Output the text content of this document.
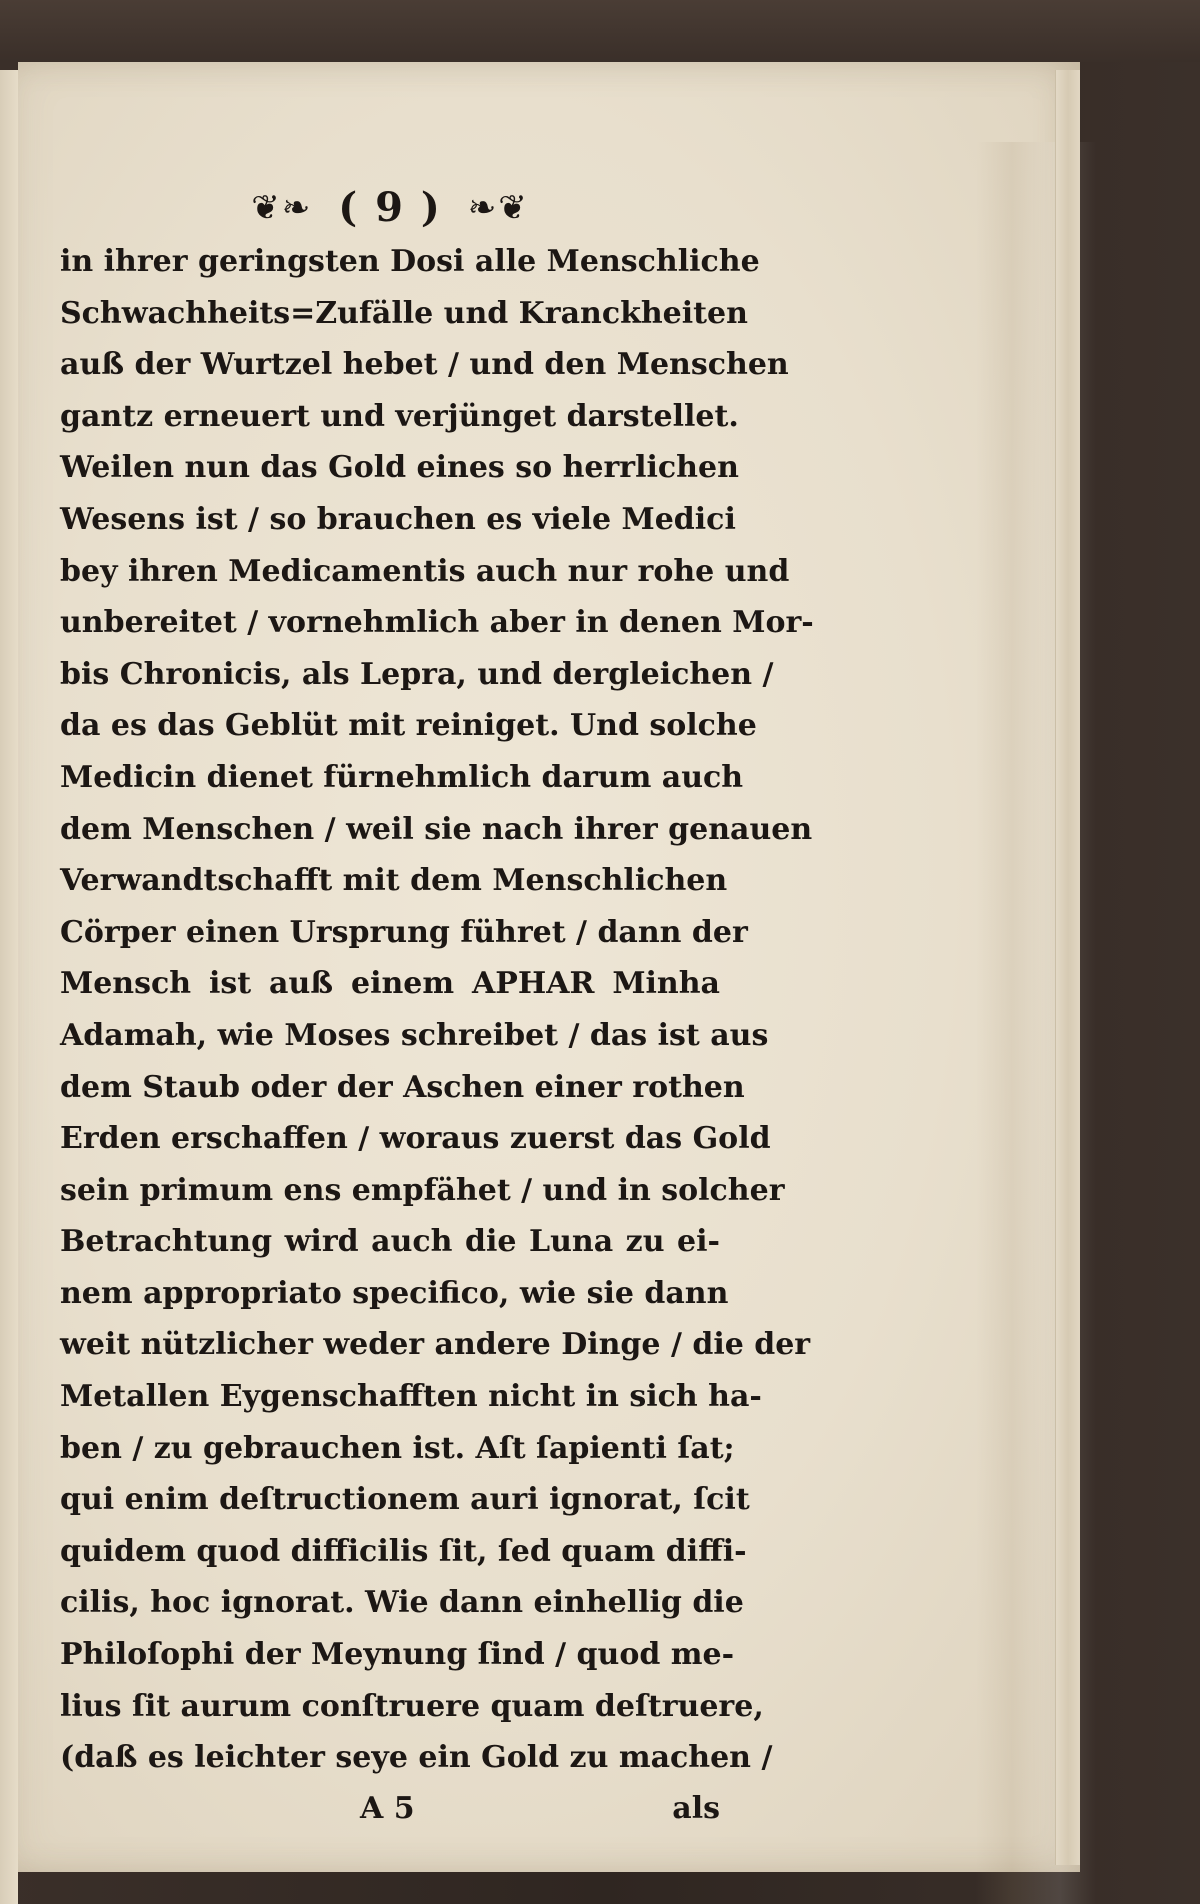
❦❧ ( 9 ) ❧❦
in ihrer geringsten Dosi alle Menschliche
Schwachheits=Zufälle und Kranckheiten
auß der Wurtzel hebet / und den Menschen
gantz erneuert und verjünget darstellet.
Weilen nun das Gold eines so herrlichen
Wesens ist / so brauchen es viele Medici
bey ihren Medicamentis auch nur rohe und
unbereitet / vornehmlich aber in denen Mor-
bis Chronicis, als Lepra, und dergleichen /
da es das Geblüt mit reiniget. Und solche
Medicin dienet fürnehmlich darum auch
dem Menschen / weil sie nach ihrer genauen
Verwandtschafft mit dem Menschlichen
Cörper einen Ursprung führet / dann der
Mensch ist auß einem APHAR Minha
Adamah, wie Moses schreibet / das ist aus
dem Staub oder der Aschen einer rothen
Erden erschaffen / woraus zuerst das Gold
sein primum ens empfähet / und in solcher
Betrachtung wird auch die Luna zu ei-
nem appropriato specifico, wie sie dann
weit nützlicher weder andere Dinge / die der
Metallen Eygenschafften nicht in sich ha-
ben / zu gebrauchen ist. Aſt ſapienti ſat;
qui enim deſtructionem auri ignorat, ſcit
quidem quod difficilis ſit, ſed quam diffi-
cilis, hoc ignorat. Wie dann einhellig die
Philoſophi der Meynung ſind / quod me-
lius ſit aurum conſtruere quam deſtruere,
(daß es leichter seye ein Gold zu machen /
A 5	als
